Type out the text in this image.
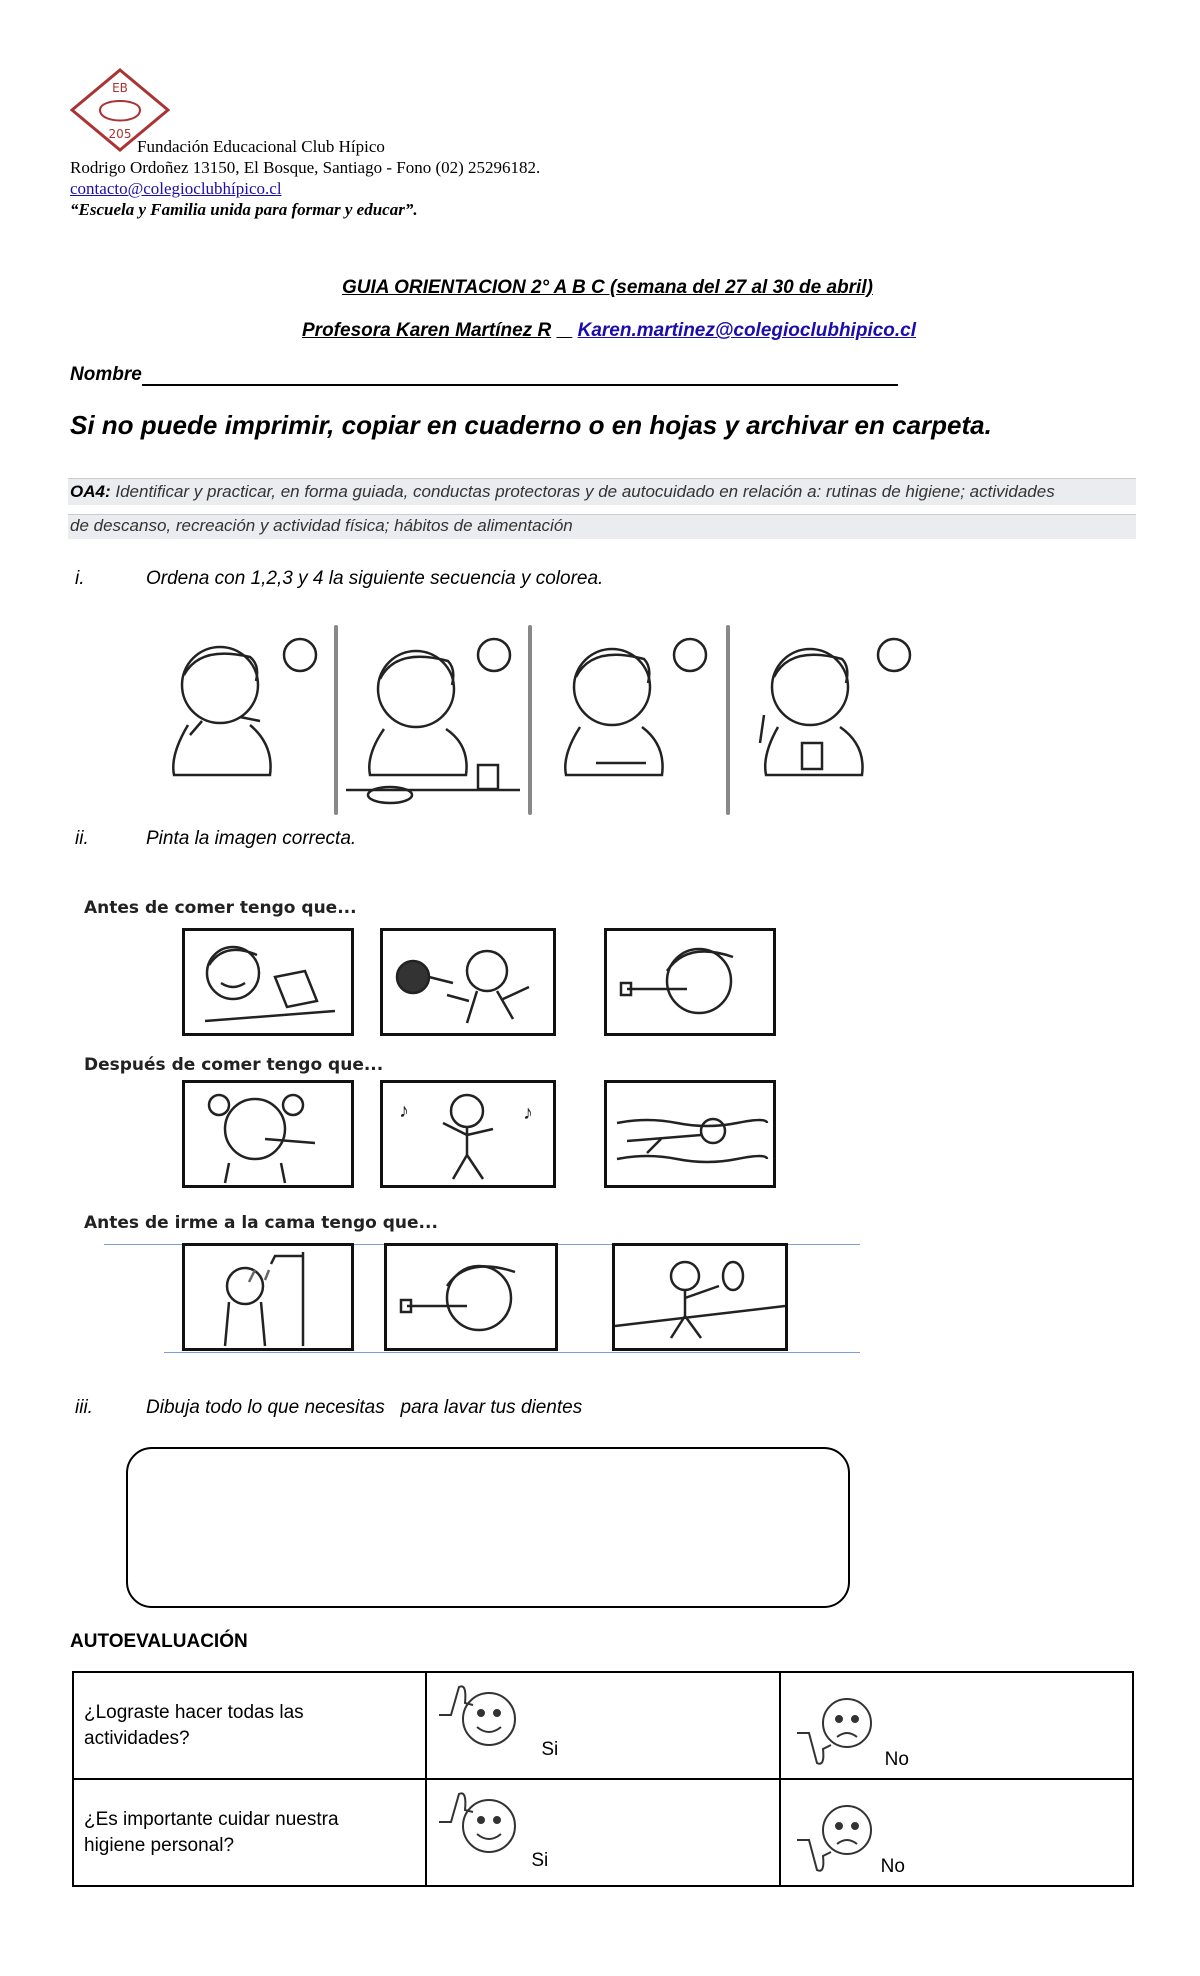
EB
205
Fundación Educacional Club Hípico
Rodrigo Ordoñez 13150, El Bosque, Santiago - Fono (02) 25296182.
contacto@colegioclubhípico.cl
“Escuela y Familia unida para formar y educar”.
GUIA ORIENTACION 2° A B C (semana del 27 al 30 de abril)
Profesora Karen Martínez R Karen.martinez@colegioclubhipico.cl
Nombre
Si no puede imprimir, copiar en cuaderno o en hojas y archivar en carpeta.
OA4: Identificar y practicar, en forma guiada, conductas protectoras y de autocuidado en relación a: rutinas de higiene; actividades
de descanso, recreación y actividad física; hábitos de alimentación
i.	Ordena con 1,2,3 y 4 la siguiente secuencia y colorea.
ii.	Pinta la imagen correcta.
Antes de comer tengo que...
Después de comer tengo que...
♪	♪
Antes de irme a la cama tengo que...
iii.	Dibuja todo lo que necesitas   para lavar tus dientes
AUTOEVALUACIÓN
¿Lograste hacer todas las actividades?	Si	No

¿Es importante cuidar nuestra higiene personal?	Si	No
